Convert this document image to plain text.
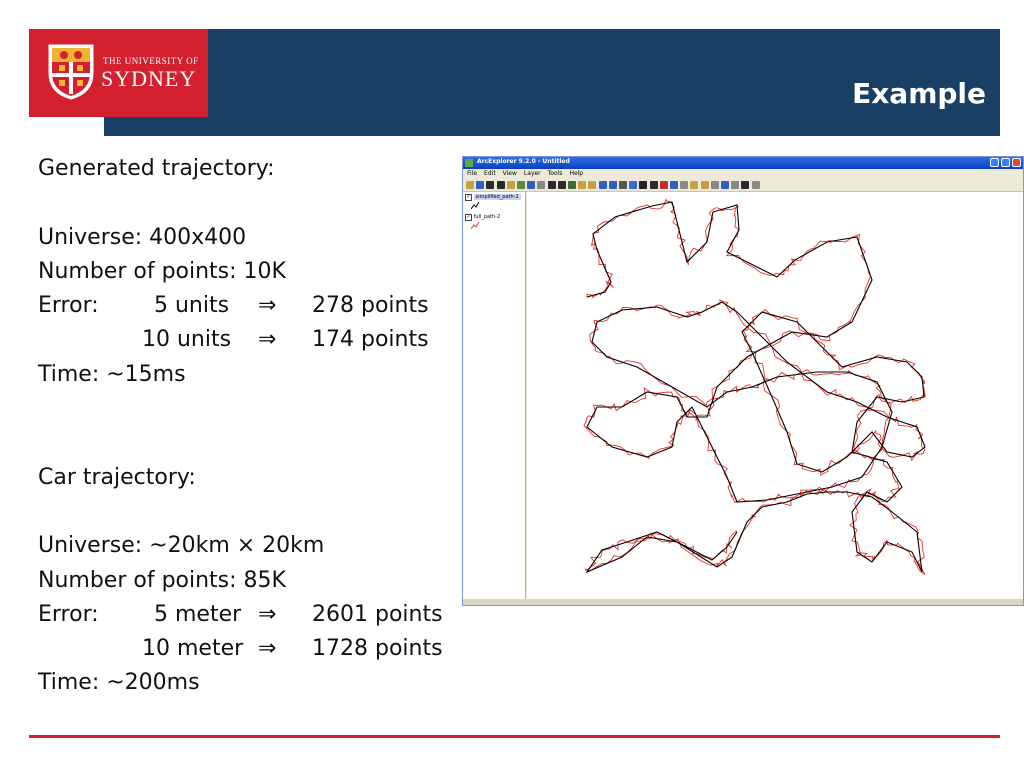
Example
THE UNIVERSITY OF
SYDNEY
Generated trajectory:
Universe: 400x400
Number of points: 10K
Error:	5 units ⇒ 278 points
10 units ⇒ 174 points
Time: ~15ms
Car trajectory:
Universe: ~20km × 20km
Number of points: 85K
Error:	5 meter ⇒ 2601 points
10 meter ⇒ 1728 points
Time: ~200ms
ArcExplorer 9.2.0 - Untitled
File Edit View Layer Tools Help
✓ simplified_path-2
✓ full_path-2
